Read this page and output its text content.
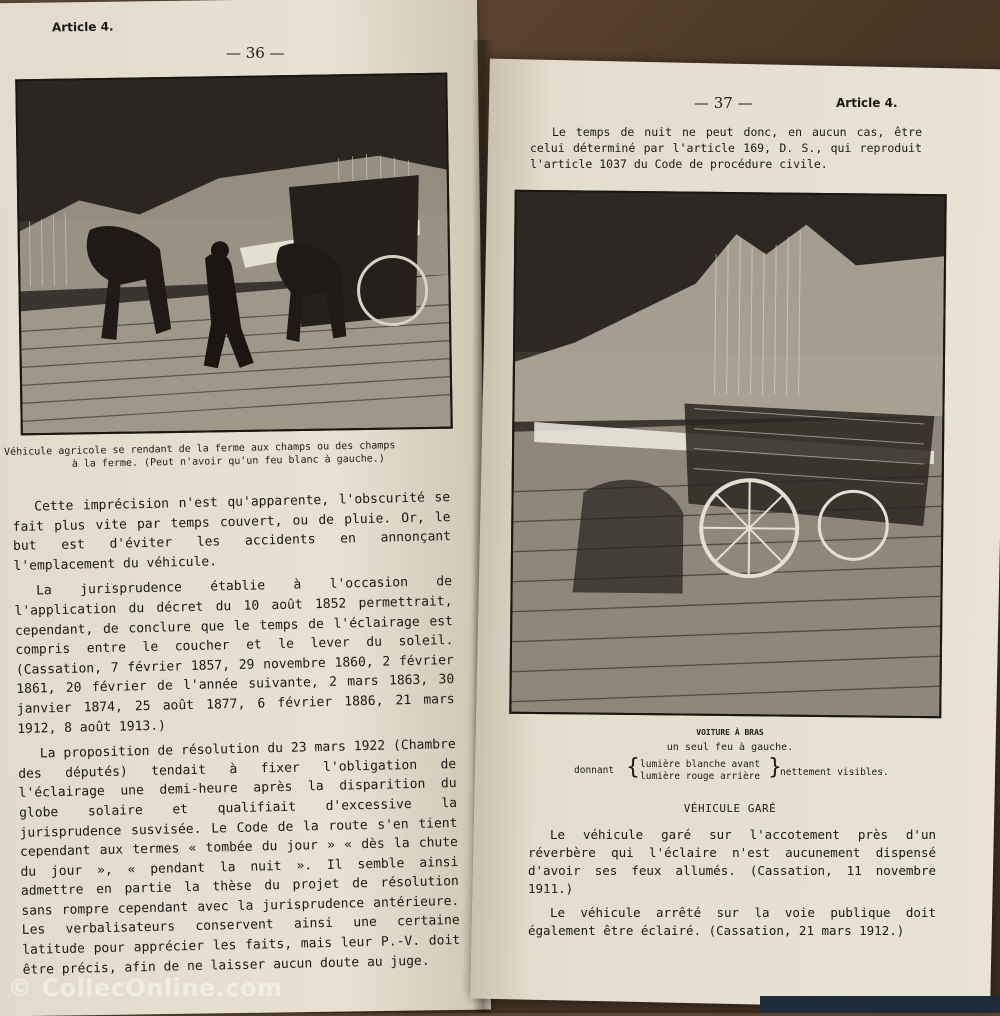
Article 4.
— 36 —
Véhicule agricole se rendant de la ferme aux champs ou des champs
à la ferme. (Peut n'avoir qu'un feu blanc à gauche.)

Cette imprécision n'est qu'apparente, l'obscurité se fait plus vite par temps couvert, ou de pluie. Or, le but est d'éviter les accidents en annonçant l'emplacement du véhicule.

La jurisprudence établie à l'occasion de l'application du décret du 10 août 1852 permettrait, cependant, de conclure que le temps de l'éclairage est compris entre le coucher et le lever du soleil. (Cassation, 7 février 1857, 29 novembre 1860, 2 février 1861, 20 février de l'année suivante, 2 mars 1863, 30 janvier 1874, 25 août 1877, 6 février 1886, 21 mars 1912, 8 août 1913.)

La proposition de résolution du 23 mars 1922 (Chambre des députés) tendait à fixer l'obligation de l'éclairage une demi-heure après la disparition du globe solaire et qualifiait d'excessive la jurisprudence susvisée. Le Code de la route s'en tient cependant aux termes « tombée du jour » « dès la chute du jour », « pendant la nuit ». Il semble ainsi admettre en partie la thèse du projet de résolution sans rompre cependant avec la jurisprudence antérieure. Les verbalisateurs conservent ainsi une certaine latitude pour apprécier les faits, mais leur P.-V. doit être précis, afin de ne laisser aucun doute au juge.

— 37 —	Article 4.

Le temps de nuit ne peut donc, en aucun cas, être celui déterminé par l'article 169, D. S., qui reproduit l'article 1037 du Code de procédure civile.

VOITURE À BRAS
un seul feu à gauche.
donnant { lumière blanche avant
lumière rouge arrière }
nettement visibles.
VÉHICULE GARÉ

Le véhicule garé sur l'accotement près d'un réverbère qui l'éclaire n'est aucunement dispensé d'avoir ses feux allumés. (Cassation, 11 novembre 1911.)

Le véhicule arrêté sur la voie publique doit également être éclairé. (Cassation, 21 mars 1912.)

© CollecOnline.com
